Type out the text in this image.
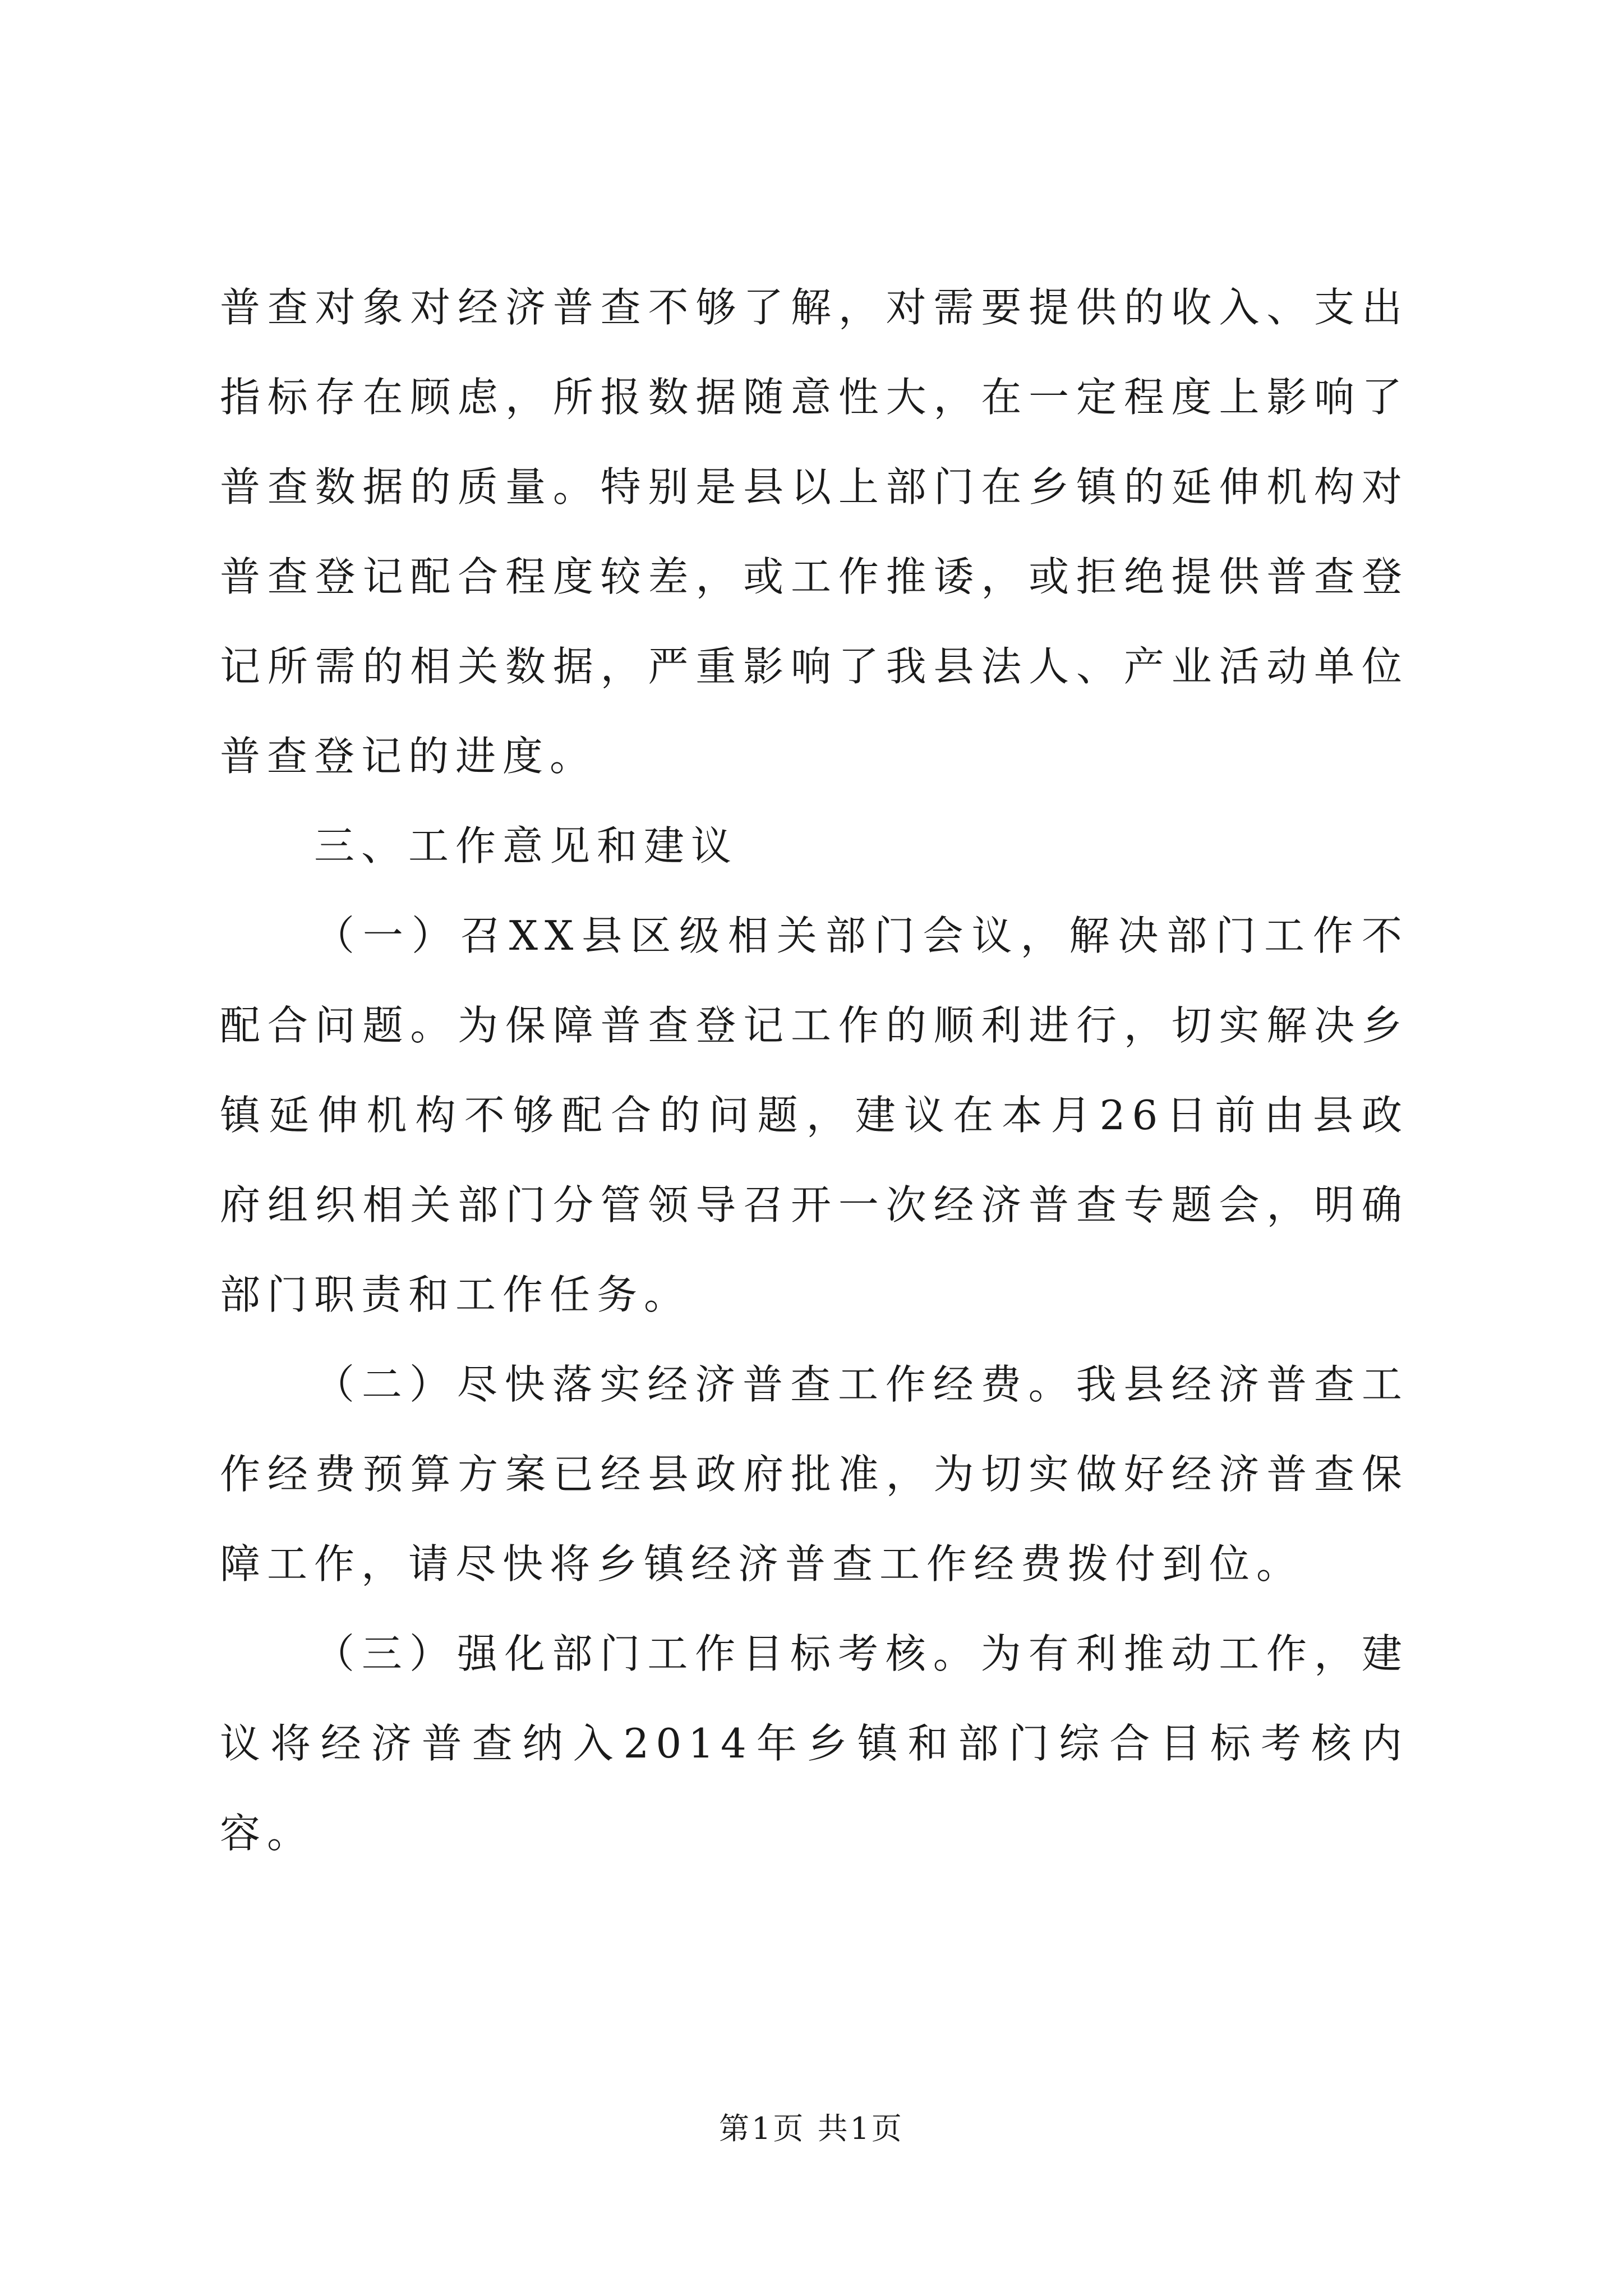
普查对象对经济普查不够了解，对需要提供的收入、支出指标存在顾虑，所报数据随意性大，在一定程度上影响了普查数据的质量。特别是县以上部门在乡镇的延伸机构对普查登记配合程度较差，或工作推诿，或拒绝提供普查登记所需的相关数据，严重影响了我县法人、产业活动单位普查登记的进度。

三、工作意见和建议

（一）召XX县区级相关部门会议，解决部门工作不配合问题。为保障普查登记工作的顺利进行，切实解决乡镇延伸机构不够配合的问题，建议在本月26日前由县政府组织相关部门分管领导召开一次经济普查专题会，明确部门职责和工作任务。

（二）尽快落实经济普查工作经费。我县经济普查工作经费预算方案已经县政府批准，为切实做好经济普查保障工作，请尽快将乡镇经济普查工作经费拨付到位。

（三）强化部门工作目标考核。为有利推动工作，建议将经济普查纳入2014年乡镇和部门综合目标考核内容。

第1页 共1页
